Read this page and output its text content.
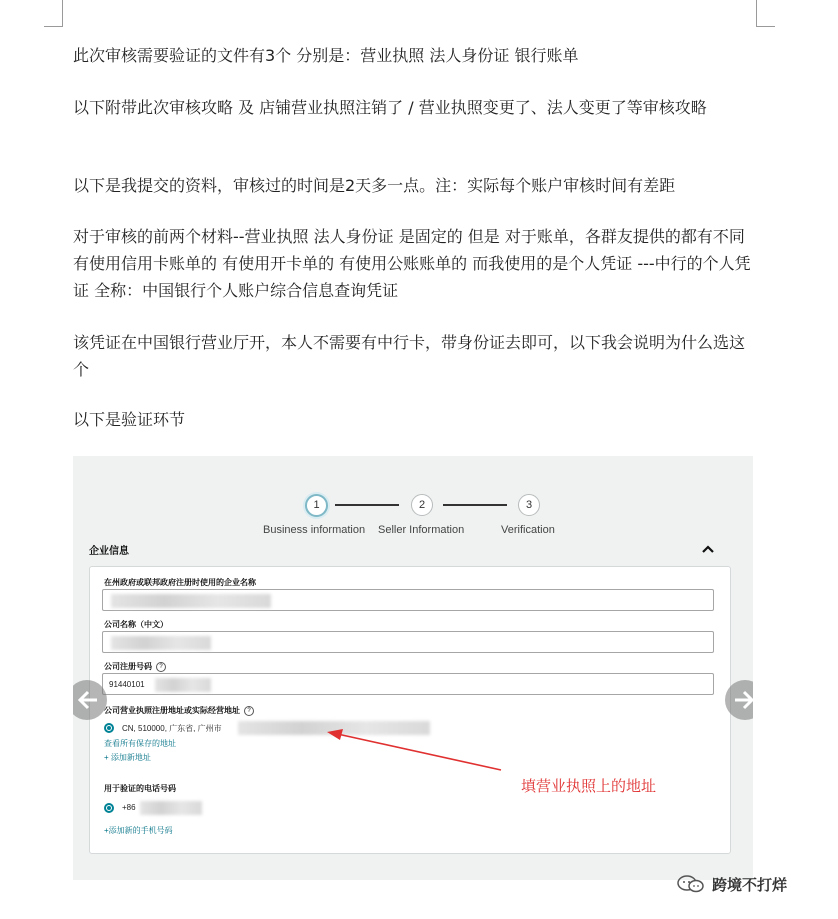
此次审核需要验证的文件有3个 分别是：营业执照 法人身份证 银行账单

以下附带此次审核攻略 及 店铺营业执照注销了 / 营业执照变更了、法人变更了等审核攻略

以下是我提交的资料，审核过的时间是2天多一点。注：实际每个账户审核时间有差距

对于审核的前两个材料--营业执照 法人身份证 是固定的 但是 对于账单，各群友提供的都有不同 有使用信用卡账单的 有使用开卡单的 有使用公账账单的 而我使用的是个人凭证 ---中行的个人凭证 全称：中国银行个人账户综合信息查询凭证

该凭证在中国银行营业厅开，本人不需要有中行卡，带身份证去即可，以下我会说明为什么选这个

以下是验证环节

1	2	3
Business information Seller Information	Verification
企业信息
在州政府或联邦政府注册时使用的企业名称
公司名称（中文）
公司注册号码 ?
91440101
公司营业执照注册地址或实际经营地址 ?
CN, 510000, 广东省, 广州市
查看所有保存的地址
+ 添加新地址
用于验证的电话号码
+86
+添加新的手机号码
填营业执照上的地址
跨境不打烊
